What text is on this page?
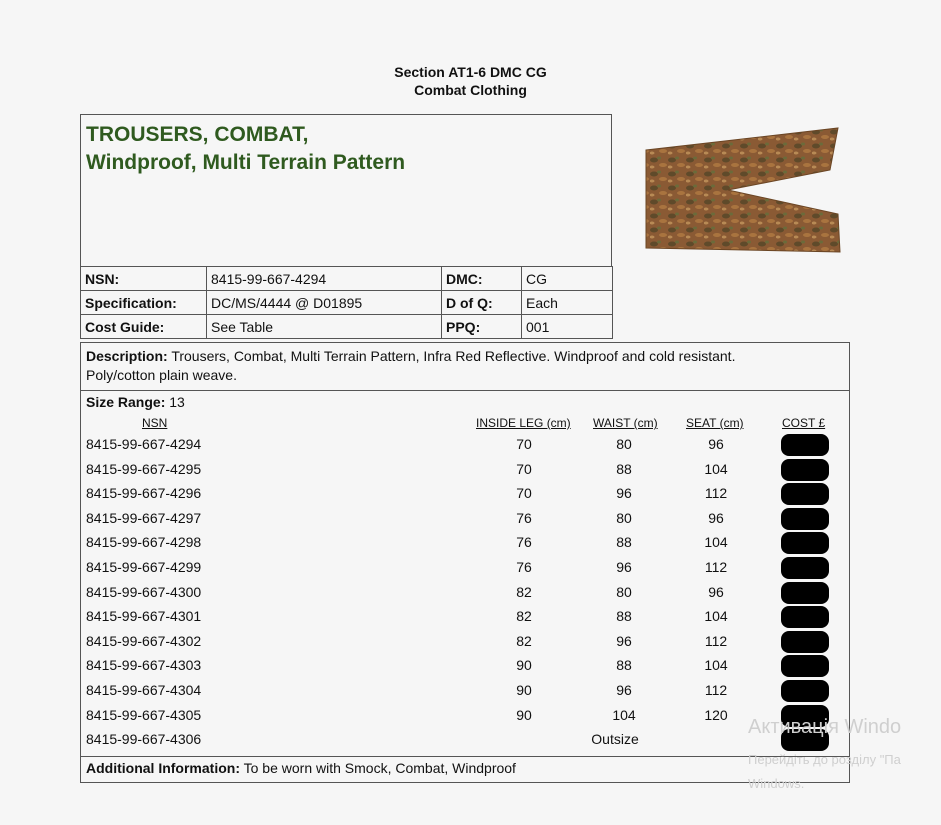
Section AT1-6 DMC CG
Combat Clothing
TROUSERS, COMBAT,
Windproof, Multi Terrain Pattern
NSN:	8415-99-667-4294	DMC:	CG
Specification:	DC/MS/4444 @ D01895	D of Q:	Each
Cost Guide:	See Table	PPQ:	001
Description: Trousers, Combat, Multi Terrain Pattern, Infra Red Reflective. Windproof and cold resistant.
Poly/cotton plain weave.
Size Range: 13
NSN	INSIDE LEG (cm) WAIST (cm) SEAT (cm)	COST £
8415-99-667-4294	70	80	96
8415-99-667-4295	70	88	104
8415-99-667-4296	70	96	112
8415-99-667-4297	76	80	96
8415-99-667-4298	76	88	104
8415-99-667-4299	76	96	112
8415-99-667-4300	82	80	96
8415-99-667-4301	82	88	104
8415-99-667-4302	82	96	112
8415-99-667-4303	90	88	104
8415-99-667-4304	90	96	112
8415-99-667-4305	90	104	120
8415-99-667-4306	Outsize
Additional Information: To be worn with Smock, Combat, Windproof
Активація Windo
Перейдіть до розділу "Па
Windows.
